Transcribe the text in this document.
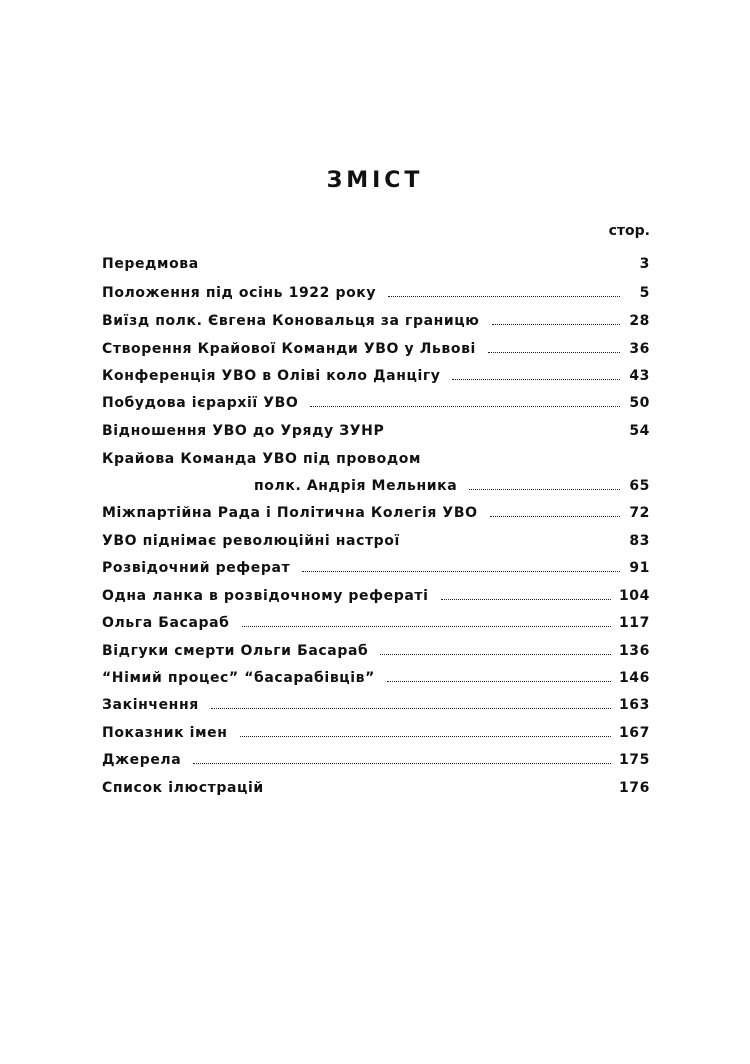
ЗМІСТ
стор.
Передмова	3
Положення під осінь 1922 року	5
Виїзд полк. Євгена Коновальця за границю	28
Створення Крайової Команди УВО у Львові	36
Конференція УВО в Оліві коло Данцігу	43
Побудова ієрархії УВО	50
Відношення УВО до Уряду ЗУНР	54
Крайова Команда УВО під проводом
полк. Андрія Мельника	65
Міжпартійна Рада і Політична Колегія УВО	72
УВО піднімає революційні настрої	83
Розвідочний реферат	91
Одна ланка в розвідочному рефераті	104
Ольга Басараб	117
Відгуки смерти Ольги Басараб	136
“Німий процес” “басарабівців”	146
Закінчення	163
Показник імен	167
Джерела	175
Список ілюстрацій	176
